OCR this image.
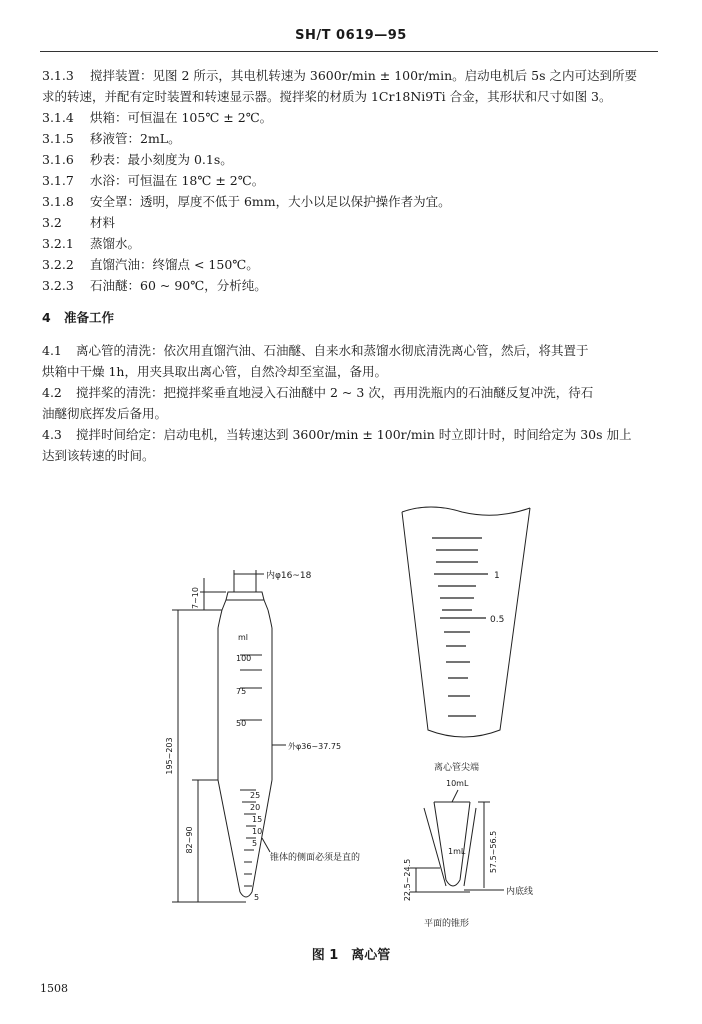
SH/T 0619—95
3.1.3 搅拌装置：见图 2 所示，其电机转速为 3600r/min ± 100r/min。启动电机后 5s 之内可达到所要
求的转速，并配有定时装置和转速显示器。搅拌桨的材质为 1Cr18Ni9Ti 合金，其形状和尺寸如图 3。
3.1.4 烘箱：可恒温在 105℃ ± 2℃。
3.1.5 移液管：2mL。
3.1.6 秒表：最小刻度为 0.1s。
3.1.7 水浴：可恒温在 18℃ ± 2℃。
3.1.8 安全罩：透明，厚度不低于 6mm，大小以足以保护操作者为宜。
3.2 材料
3.2.1 蒸馏水。
3.2.2 直馏汽油：终馏点 < 150℃。
3.2.3 石油醚：60 ~ 90℃，分析纯。
4 准备工作
4.1 离心管的清洗：依次用直馏汽油、石油醚、自来水和蒸馏水彻底清洗离心管，然后，将其置于
烘箱中干燥 1h，用夹具取出离心管，自然冷却至室温，备用。
4.2 搅拌桨的清洗：把搅拌桨垂直地浸入石油醚中 2 ~ 3 次，再用洗瓶内的石油醚反复冲洗，待石
油醚彻底挥发后备用。
4.3 搅拌时间给定：启动电机，当转速达到 3600r/min ± 100r/min 时立即计时，时间给定为 30s 加上
达到该转速的时间。
7~10
内φ16~18
ml
100
75
50
25
20
15
10
5
外φ36~37.75
195~203
82~90
锥体的侧面必须是直的
5
1
0.5
离心管尖端
10mL
1mL	57.5~56.5
22.5~24.5	内底线
平面的锥形
图 1　离心管
1508
